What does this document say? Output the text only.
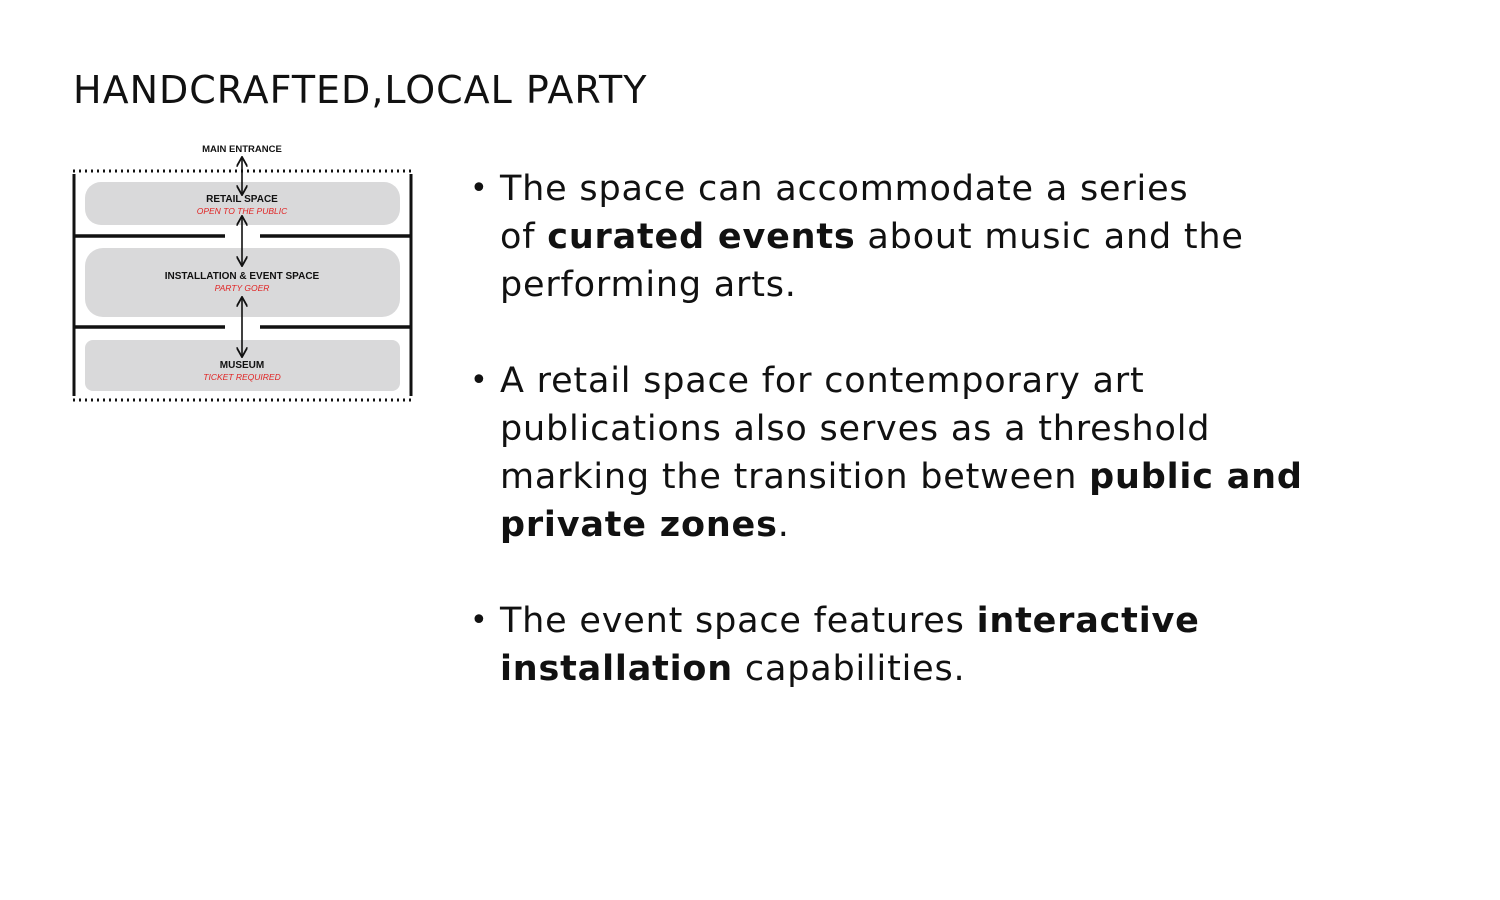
HANDCRAFTED,LOCAL PARTY
MAIN ENTRANCE
RETAIL SPACE
OPEN TO THE PUBLIC
INSTALLATION & EVENT SPACE
PARTY GOER
MUSEUM
TICKET REQUIRED
• The space can accommodate a series
of curated events about music and the
performing arts.
• A retail space for contemporary art
publications also serves as a threshold
marking the transition between public and
private zones.
• The event space features interactive
installation capabilities.
